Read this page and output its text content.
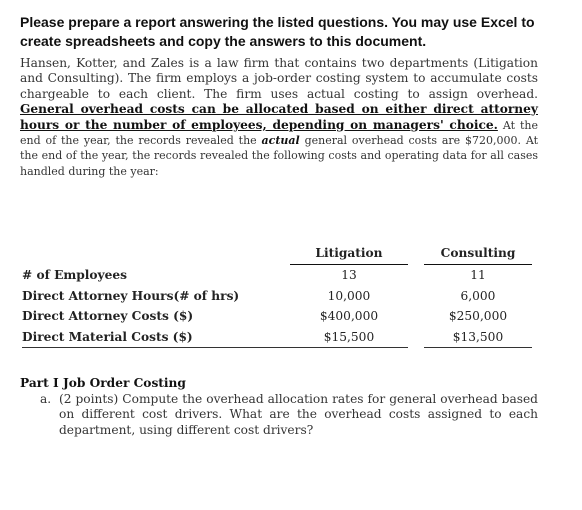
Please prepare a report answering the listed questions. You may use Excel to create spreadsheets and copy the answers to this document.
Hansen, Kotter, and Zales is a law firm that contains two departments (Litigation and Consulting). The firm employs a job-order costing system to accumulate costs chargeable to each client. The firm uses actual costing to assign overhead. General overhead costs can be allocated based on either direct attorney hours or the number of employees, depending on managers' choice. At the end of the year, the records revealed the actual general overhead costs are $720,000. At the end of the year, the records revealed the following costs and operating data for all cases handled during the year:
	Litigation		Consulting
# of Employees	13		11
Direct Attorney Hours(# of hrs)	10,000		6,000
Direct Attorney Costs ($)	$400,000		$250,000
Direct Material Costs ($)	$15,500		$13,500
Part I Job Order Costing
a. (2 points) Compute the overhead allocation rates for general overhead based on different cost drivers. What are the overhead costs assigned to each department, using different cost drivers?
